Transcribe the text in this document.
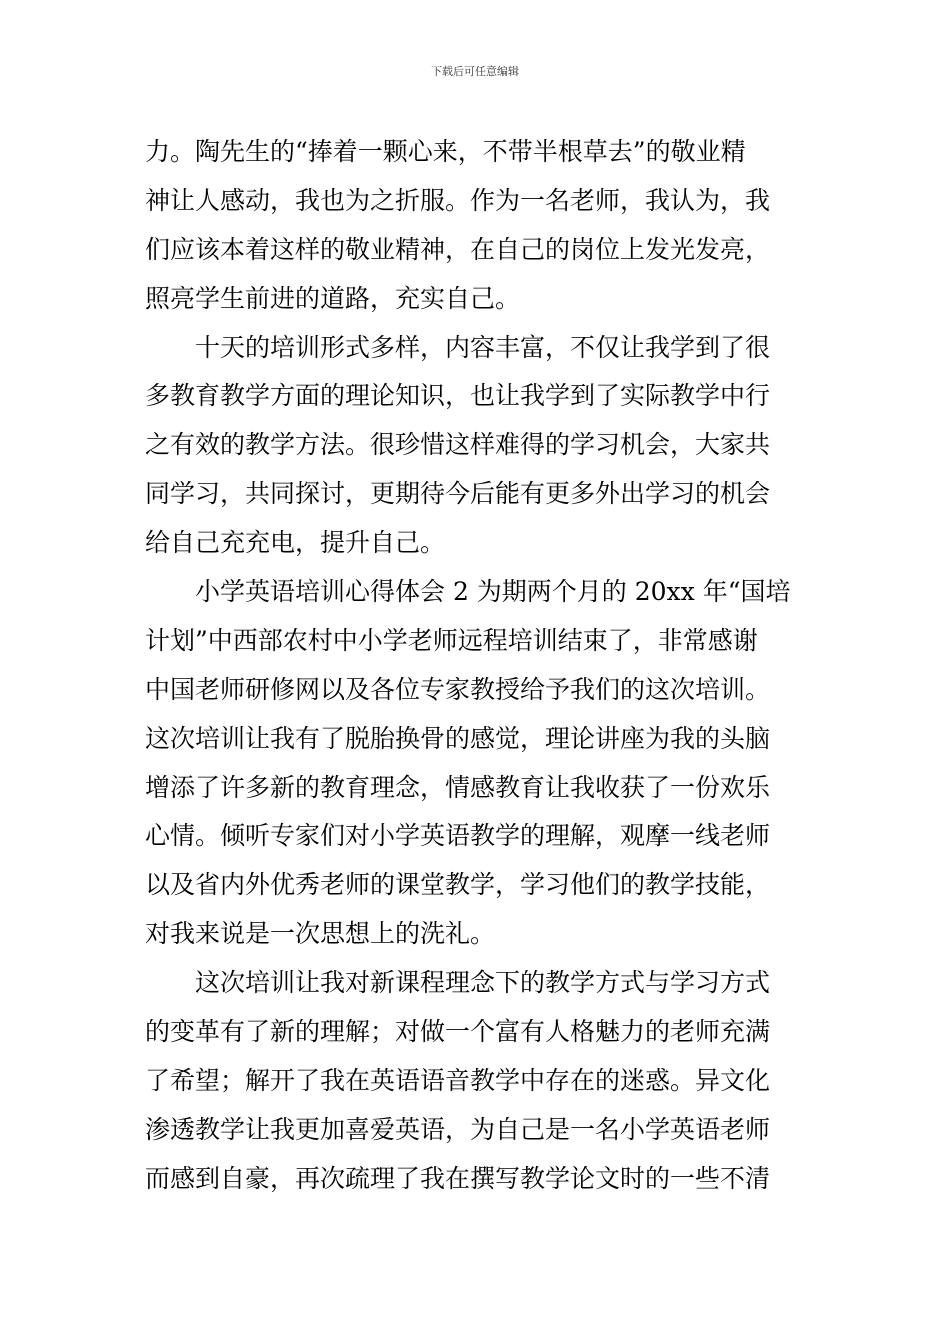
下载后可任意编辑
力。陶先生的“捧着一颗心来，不带半根草去”的敬业精
神让人感动，我也为之折服。作为一名老师，我认为，我
们应该本着这样的敬业精神，在自己的岗位上发光发亮，
照亮学生前进的道路，充实自己。
　　十天的培训形式多样，内容丰富，不仅让我学到了很
多教育教学方面的理论知识，也让我学到了实际教学中行
之有效的教学方法。很珍惜这样难得的学习机会，大家共
同学习，共同探讨，更期待今后能有更多外出学习的机会
给自己充充电，提升自己。
　　小学英语培训心得体会 2 为期两个月的 20xx 年“国培
计划”中西部农村中小学老师远程培训结束了，非常感谢
中国老师研修网以及各位专家教授给予我们的这次培训。
这次培训让我有了脱胎换骨的感觉，理论讲座为我的头脑
增添了许多新的教育理念，情感教育让我收获了一份欢乐
心情。倾听专家们对小学英语教学的理解，观摩一线老师
以及省内外优秀老师的课堂教学，学习他们的教学技能，
对我来说是一次思想上的洗礼。
　　这次培训让我对新课程理念下的教学方式与学习方式
的变革有了新的理解；对做一个富有人格魅力的老师充满
了希望；解开了我在英语语音教学中存在的迷惑。异文化
渗透教学让我更加喜爱英语，为自己是一名小学英语老师
而感到自豪，再次疏理了我在撰写教学论文时的一些不清
